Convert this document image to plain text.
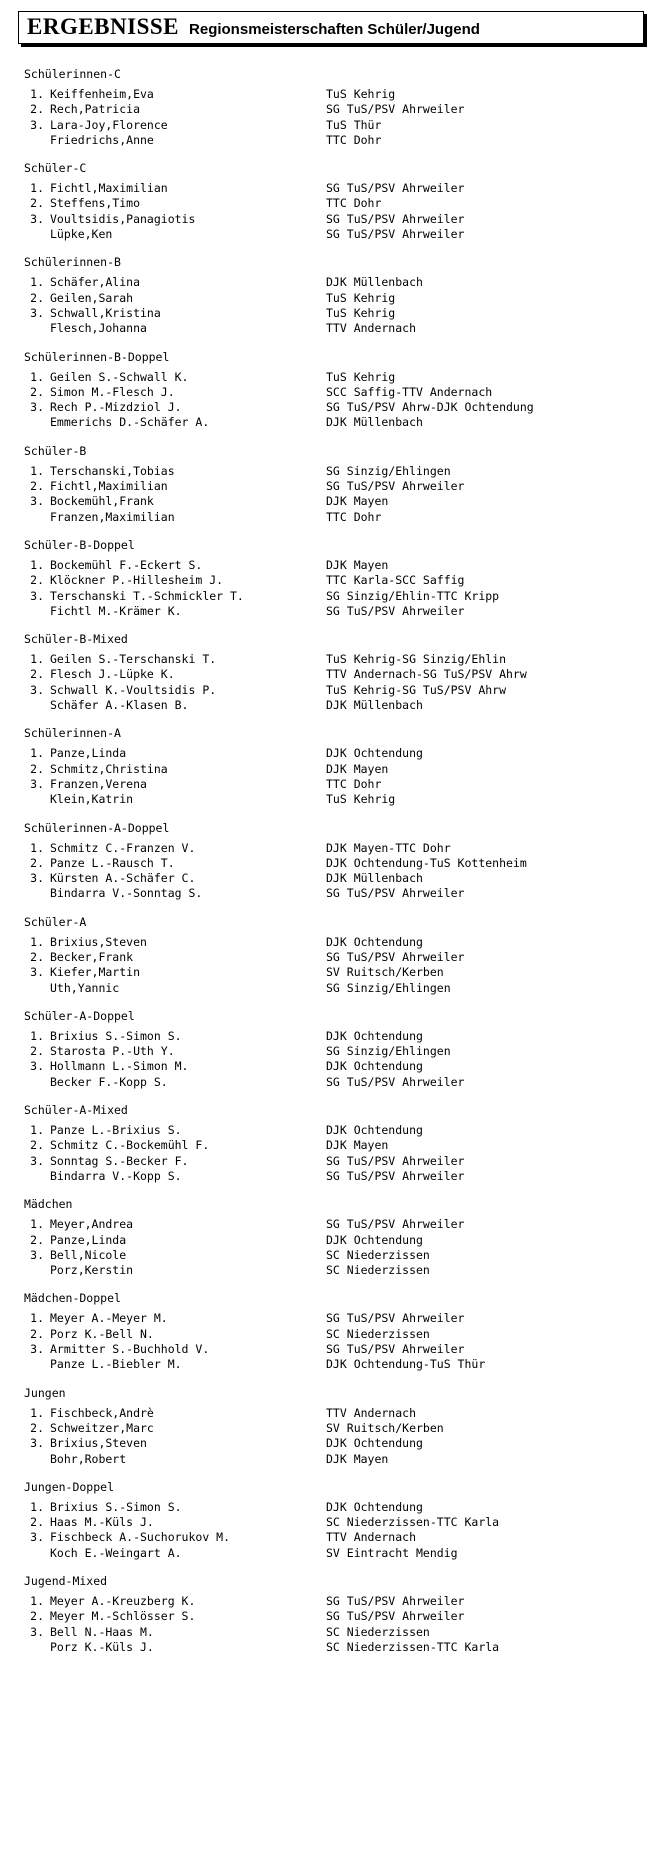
ERGEBNISSE Regionsmeisterschaften Schüler/Jugend
Schülerinnen-C
1. Keiffenheim,Eva	TuS Kehrig
2. Rech,Patricia	SG TuS/PSV Ahrweiler
3. Lara-Joy,Florence	TuS Thür
Friedrichs,Anne	TTC Dohr
Schüler-C
1. Fichtl,Maximilian	SG TuS/PSV Ahrweiler
2. Steffens,Timo	TTC Dohr
3. Voultsidis,Panagiotis	SG TuS/PSV Ahrweiler
Lüpke,Ken	SG TuS/PSV Ahrweiler
Schülerinnen-B
1. Schäfer,Alina	DJK Müllenbach
2. Geilen,Sarah	TuS Kehrig
3. Schwall,Kristina	TuS Kehrig
Flesch,Johanna	TTV Andernach
Schülerinnen-B-Doppel
1. Geilen S.-Schwall K.	TuS Kehrig
2. Simon M.-Flesch J.	SCC Saffig-TTV Andernach
3. Rech P.-Mizdziol J.	SG TuS/PSV Ahrw-DJK Ochtendung
Emmerichs D.-Schäfer A.	DJK Müllenbach
Schüler-B
1. Terschanski,Tobias	SG Sinzig/Ehlingen
2. Fichtl,Maximilian	SG TuS/PSV Ahrweiler
3. Bockemühl,Frank	DJK Mayen
Franzen,Maximilian	TTC Dohr
Schüler-B-Doppel
1. Bockemühl F.-Eckert S.	DJK Mayen
2. Klöckner P.-Hillesheim J.	TTC Karla-SCC Saffig
3. Terschanski T.-Schmickler T.	SG Sinzig/Ehlin-TTC Kripp
Fichtl M.-Krämer K.	SG TuS/PSV Ahrweiler
Schüler-B-Mixed
1. Geilen S.-Terschanski T.	TuS Kehrig-SG Sinzig/Ehlin
2. Flesch J.-Lüpke K.	TTV Andernach-SG TuS/PSV Ahrw
3. Schwall K.-Voultsidis P.	TuS Kehrig-SG TuS/PSV Ahrw
Schäfer A.-Klasen B.	DJK Müllenbach
Schülerinnen-A
1. Panze,Linda	DJK Ochtendung
2. Schmitz,Christina	DJK Mayen
3. Franzen,Verena	TTC Dohr
Klein,Katrin	TuS Kehrig
Schülerinnen-A-Doppel
1. Schmitz C.-Franzen V.	DJK Mayen-TTC Dohr
2. Panze L.-Rausch T.	DJK Ochtendung-TuS Kottenheim
3. Kürsten A.-Schäfer C.	DJK Müllenbach
Bindarra V.-Sonntag S.	SG TuS/PSV Ahrweiler
Schüler-A
1. Brixius,Steven	DJK Ochtendung
2. Becker,Frank	SG TuS/PSV Ahrweiler
3. Kiefer,Martin	SV Ruitsch/Kerben
Uth,Yannic	SG Sinzig/Ehlingen
Schüler-A-Doppel
1. Brixius S.-Simon S.	DJK Ochtendung
2. Starosta P.-Uth Y.	SG Sinzig/Ehlingen
3. Hollmann L.-Simon M.	DJK Ochtendung
Becker F.-Kopp S.	SG TuS/PSV Ahrweiler
Schüler-A-Mixed
1. Panze L.-Brixius S.	DJK Ochtendung
2. Schmitz C.-Bockemühl F.	DJK Mayen
3. Sonntag S.-Becker F.	SG TuS/PSV Ahrweiler
Bindarra V.-Kopp S.	SG TuS/PSV Ahrweiler
Mädchen
1. Meyer,Andrea	SG TuS/PSV Ahrweiler
2. Panze,Linda	DJK Ochtendung
3. Bell,Nicole	SC Niederzissen
Porz,Kerstin	SC Niederzissen
Mädchen-Doppel
1. Meyer A.-Meyer M.	SG TuS/PSV Ahrweiler
2. Porz K.-Bell N.	SC Niederzissen
3. Armitter S.-Buchhold V.	SG TuS/PSV Ahrweiler
Panze L.-Biebler M.	DJK Ochtendung-TuS Thür
Jungen
1. Fischbeck,Andrè	TTV Andernach
2. Schweitzer,Marc	SV Ruitsch/Kerben
3. Brixius,Steven	DJK Ochtendung
Bohr,Robert	DJK Mayen
Jungen-Doppel
1. Brixius S.-Simon S.	DJK Ochtendung
2. Haas M.-Küls J.	SC Niederzissen-TTC Karla
3. Fischbeck A.-Suchorukov M.	TTV Andernach
Koch E.-Weingart A.	SV Eintracht Mendig
Jugend-Mixed
1. Meyer A.-Kreuzberg K.	SG TuS/PSV Ahrweiler
2. Meyer M.-Schlösser S.	SG TuS/PSV Ahrweiler
3. Bell N.-Haas M.	SC Niederzissen
Porz K.-Küls J.	SC Niederzissen-TTC Karla
